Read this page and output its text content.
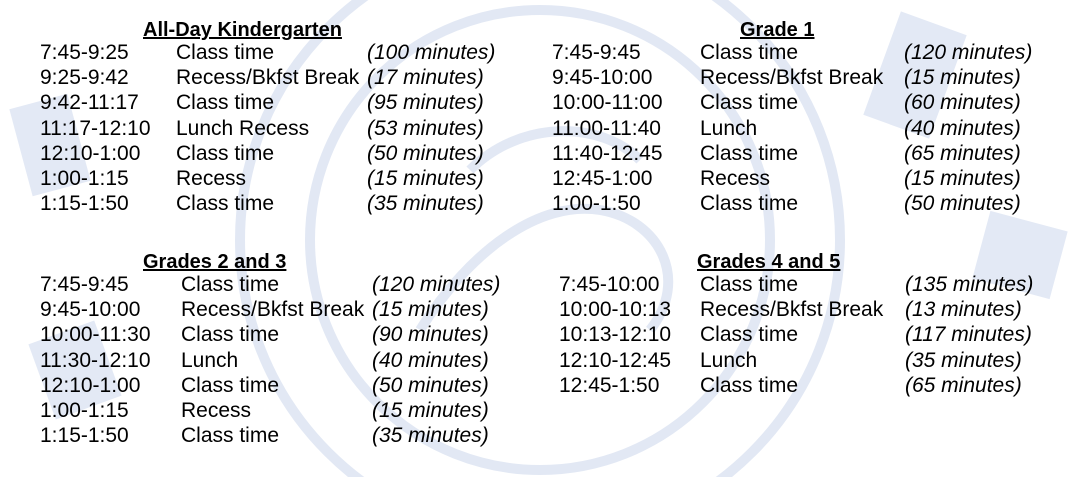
All-Day Kindergarten
7:45-9:25 Class time	(100 minutes)
9:25-9:42 Recess/Bkfst Break (17 minutes)
9:42-11:17 Class time	(95 minutes)
11:17-12:10 Lunch Recess	(53 minutes)
12:10-1:00 Class time	(50 minutes)
1:00-1:15 Recess	(15 minutes)
1:15-1:50 Class time	(35 minutes)
Grade 1
7:45-9:45	Class time	(120 minutes)
9:45-10:00 Recess/Bkfst Break (15 minutes)
10:00-11:00 Class time	(60 minutes)
11:00-11:40 Lunch	(40 minutes)
11:40-12:45 Class time	(65 minutes)
12:45-1:00 Recess	(15 minutes)
1:00-1:50	Class time	(50 minutes)
Grades 2 and 3
7:45-9:45 Class time	(120 minutes)
9:45-10:00 Recess/Bkfst Break (15 minutes)
10:00-11:30 Class time	(90 minutes)
11:30-12:10 Lunch	(40 minutes)
12:10-1:00 Class time	(50 minutes)
1:00-1:15 Recess	(15 minutes)
1:15-1:50 Class time	(35 minutes)
Grades 4 and 5
7:45-10:00 Class time	(135 minutes)
10:00-10:13 Recess/Bkfst Break (13 minutes)
10:13-12:10 Class time	(117 minutes)
12:10-12:45 Lunch	(35 minutes)
12:45-1:50 Class time	(65 minutes)
